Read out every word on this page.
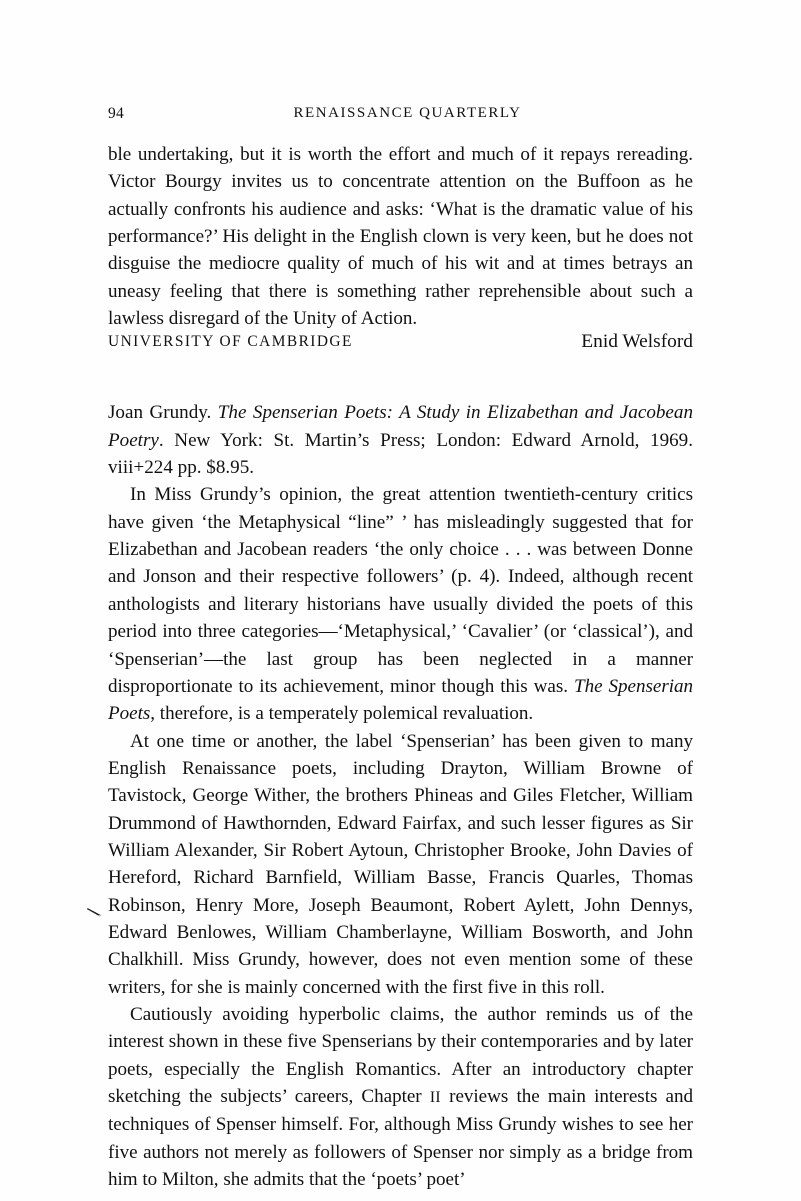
94	RENAISSANCE QUARTERLY

ble undertaking, but it is worth the effort and much of it repays rereading. Victor Bourgy invites us to concentrate attention on the Buffoon as he actually confronts his audience and asks: ‘What is the dramatic value of his performance?’ His delight in the English clown is very keen, but he does not disguise the mediocre quality of much of his wit and at times betrays an uneasy feeling that there is something rather reprehensible about such a lawless disregard of the Unity of Action.

UNIVERSITY OF CAMBRIDGE	Enid Welsford

Joan Grundy. The Spenserian Poets: A Study in Elizabethan and Jacobean Poetry. New York: St. Martin’s Press; London: Edward Arnold, 1969. viii+224 pp. $8.95.

In Miss Grundy’s opinion, the great attention twentieth-century critics have given ‘the Metaphysical “line” ’ has misleadingly suggested that for Elizabethan and Jacobean readers ‘the only choice . . . was between Donne and Jonson and their respective followers’ (p. 4). Indeed, although recent anthologists and literary historians have usually divided the poets of this period into three categories—‘Metaphysical,’ ‘Cavalier’ (or ‘classical’), and ‘Spenserian’—the last group has been neglected in a manner disproportionate to its achievement, minor though this was. The Spenserian Poets, therefore, is a temperately polemical revaluation.

At one time or another, the label ‘Spenserian’ has been given to many English Renaissance poets, including Drayton, William Browne of Tavistock, George Wither, the brothers Phineas and Giles Fletcher, William Drummond of Hawthornden, Edward Fairfax, and such lesser figures as Sir William Alexander, Sir Robert Aytoun, Christopher Brooke, John Davies of Hereford, Richard Barnfield, William Basse, Francis Quarles, Thomas Robinson, Henry More, Joseph Beaumont, Robert Aylett, John Dennys, Edward Benlowes, William Chamberlayne, William Bosworth, and John Chalkhill. Miss Grundy, however, does not even mention some of these writers, for she is mainly concerned with the first five in this roll.

Cautiously avoiding hyperbolic claims, the author reminds us of the interest shown in these five Spenserians by their contemporaries and by later poets, especially the English Romantics. After an introductory chapter sketching the subjects’ careers, Chapter II reviews the main interests and techniques of Spenser himself. For, although Miss Grundy wishes to see her five authors not merely as followers of Spenser nor simply as a bridge from him to Milton, she admits that the ‘poets’ poet’
